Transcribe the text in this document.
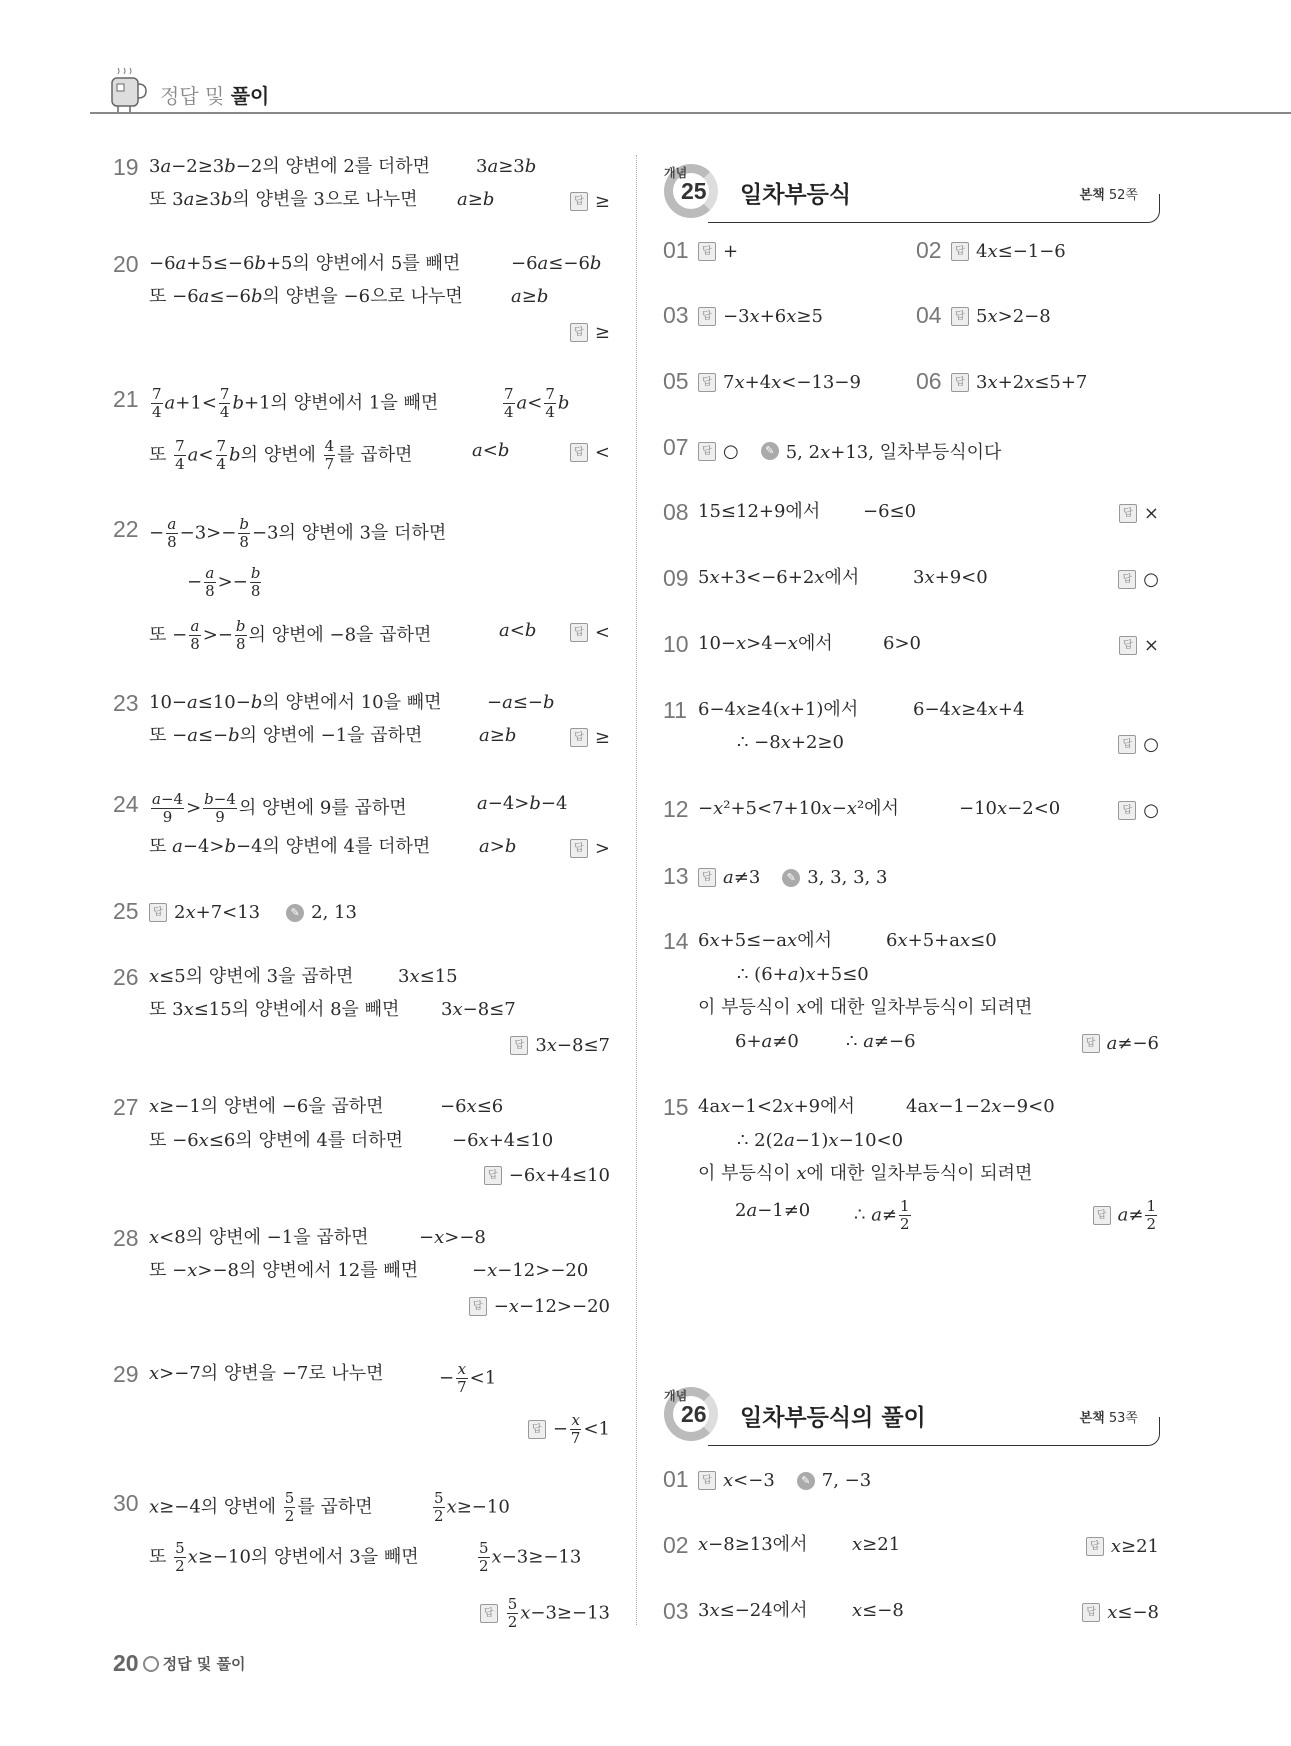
정답 및 풀이
19 3a−2≥3b−2의 양변에 2를 더하면	3a≥3b
또 3a≥3b의 양변을 3으로 나누면 a≥b	답 ≥
20 −6a+5≤−6b+5의 양변에서 5를 빼면	−6a≤−6b
또 −6a≤−6b의 양변을 −6으로 나누면	a≥b
답 ≥
$21 \frac{7}{4} a+1< \frac{7}{4} b+1$의 양변에서 1을 빼면	$\frac{7}{4} a< \frac{7}{4}$ b
또 $\frac{7}{4} a< \frac{7}{4}$ b의 양변에 $\frac{4}{7}$ 를 곱하면	a<b	답 <
$22 - \frac{a}{8} -3>- \frac{b}{8} -3$의 양변에 3을 더하면
− $\frac{a}{8} >- \frac{b}{8}$
또 − $\frac{a}{8} >- \frac{b}{8}$ 의 양변에 −8을 곱하면	a<b	답 <
23 10−a≤10−b의 양변에서 10을 빼면	−a≤−b
또 −a≤−b의 양변에 −1을 곱하면	a≥b	답 ≥
$24 \frac{a-4}{9} > \frac{b-4}{9}$ 의 양변에 9를 곱하면	a−4>b−4
또 a−4>b−4의 양변에 4를 더하면	a>b	답 >
25	답 2x+7<13	✎ 2, 13
26 x≤5의 양변에 3을 곱하면 3x≤15
또 3x≤15의 양변에서 8을 빼면 3x−8≤7
답 3x−8≤7
27 x≥−1의 양변에 −6을 곱하면	−6x≤6
또 −6x≤6의 양변에 4를 더하면	−6x+4≤10
답 −6x+4≤10
28 x<8의 양변에 −1을 곱하면	−x>−8
또 −x>−8의 양변에서 12를 빼면	−x−12>−20
답 −x−12>−20
29 x>−7의 양변을 −7로 나누면	− $\frac{x}{7} <1$
답 − $\frac{x}{7} <1$
30 x≥−4의 양변에 $\frac{5}{2}$ 를 곱하면	$\frac{5}{2} x\ge-10$
또 $\frac{5}{2} x\ge-10$의 양변에서 3을 빼면	$\frac{5}{2} x-3\ge-13$
답 $\frac{5}{2} x-3\ge-13$
개념
25 일차부등식	본책 52쪽
01	답 +	02	답 4x≤−1−6
03	답 −3x+6x≥5	04	답 5x>2−8
05	답 7x+4x<−13−9 06	답 3x+2x≤5+7
07	답 ○	✎ 5, 2x+13, 일차부등식이다
08 15≤12+9에서 −6≤0	답 ×
09 5x+3<−6+2x에서	3x+9<0	답 ○
10 10−x>4−x에서	6>0	답 ×
11 6−4x≥4(x+1)에서	6−4x≥4x+4
∴ −8x+2≥0	답 ○
12 −x²+5<7+10x−x²에서	−10x−2<0	답 ○
13	답 a≠3	✎ 3, 3, 3, 3
14 6x+5≤−ax에서	6x+5+ax≤0
∴ (6+a)x+5≤0
이 부등식이 x에 대한 일차부등식이 되려면
6+a≠0	∴ a≠−6	답 a≠−6
15 4ax−1<2x+9에서	4ax−1−2x−9<0
∴ 2(2a−1)x−10<0
이 부등식이 x에 대한 일차부등식이 되려면
2a−1≠0 ∴ $a\ne \frac{1}{2}$	답 $a\ne \frac{1}{2}$
개념
26 일차부등식의 풀이	본책 53쪽
01	답 x<−3	✎ 7, −3
02 x−8≥13에서 x≥21	답 x≥21
03 3x≤−24에서 x≤−8	답 x≤−8
20 정답 및 풀이
